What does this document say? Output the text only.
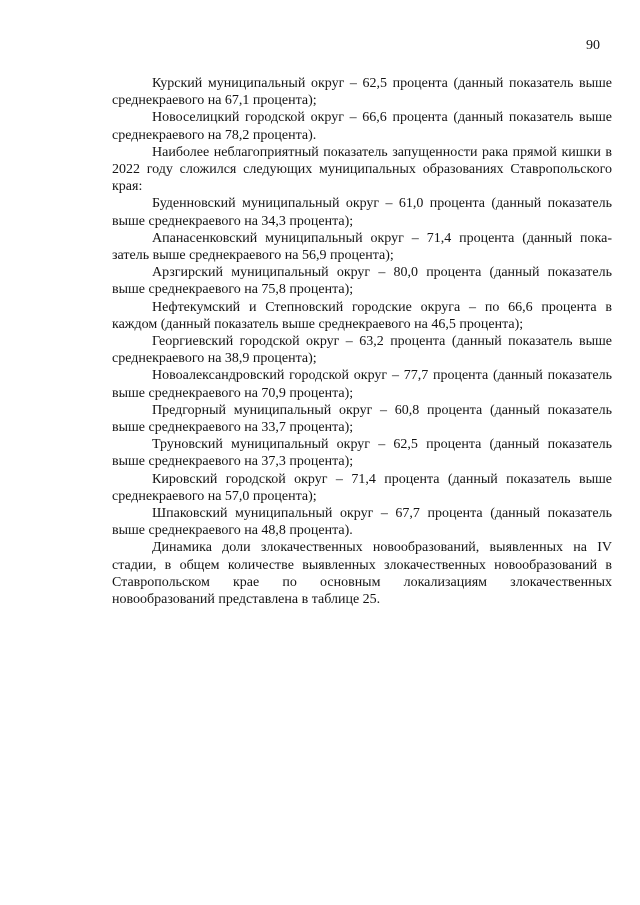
90

Курский муниципальный округ – 62,5 процента (данный показатель выше среднекраевого на 67,1 процента);

Новоселицкий городской округ – 66,6 процента (данный показатель выше среднекраевого на 78,2 процента).

Наиболее неблагоприятный показатель запущенности рака прямой кишки в 2022 году сложился следующих муниципальных образованиях Ставропольского края:

Буденновский муниципальный округ – 61,0 процента (данный показатель выше среднекраевого на 34,3 процента);

Апанасенковский муниципальный округ – 71,4 процента (данный показатель выше среднекраевого на 56,9 процента);

Арзгирский муниципальный округ – 80,0 процента (данный показатель выше среднекраевого на 75,8 процента);

Нефтекумский и Степновский городские округа – по 66,6 процента в каждом (данный показатель выше среднекраевого на 46,5 процента);

Георгиевский городской округ – 63,2 процента (данный показатель выше среднекраевого на 38,9 процента);

Новоалександровский городской округ – 77,7 процента (данный показатель выше среднекраевого на 70,9 процента);

Предгорный муниципальный округ – 60,8 процента (данный показатель выше среднекраевого на 33,7 процента);

Труновский муниципальный округ – 62,5 процента (данный показатель выше среднекраевого на 37,3 процента);

Кировский городской округ – 71,4 процента (данный показатель выше среднекраевого на 57,0 процента);

Шпаковский муниципальный округ – 67,7 процента (данный показатель выше среднекраевого на 48,8 процента).

Динамика доли злокачественных новообразований, выявленных на IV стадии, в общем количестве выявленных злокачественных новообразований в Ставропольском крае по основным локализациям злокачественных новообразований представлена в таблице 25.
